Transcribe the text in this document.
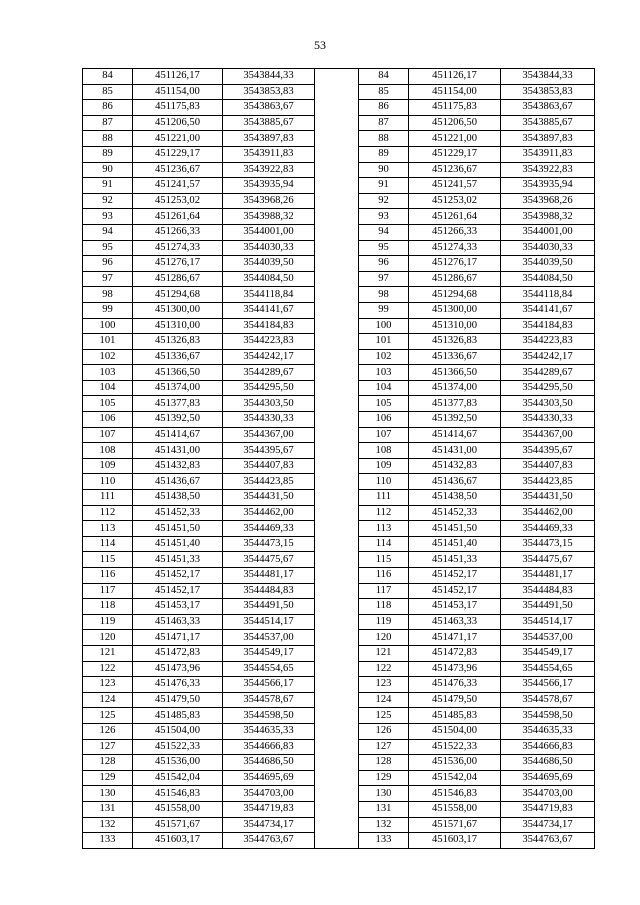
53
84	451126,17	3543844,33		84	451126,17	3543844,33
85	451154,00	3543853,83		85	451154,00	3543853,83
86	451175,83	3543863,67		86	451175,83	3543863,67
87	451206,50	3543885,67		87	451206,50	3543885,67
88	451221,00	3543897,83		88	451221,00	3543897,83
89	451229,17	3543911,83		89	451229,17	3543911,83
90	451236,67	3543922,83		90	451236,67	3543922,83
91	451241,57	3543935,94		91	451241,57	3543935,94
92	451253,02	3543968,26		92	451253,02	3543968,26
93	451261,64	3543988,32		93	451261,64	3543988,32
94	451266,33	3544001,00		94	451266,33	3544001,00
95	451274,33	3544030,33		95	451274,33	3544030,33
96	451276,17	3544039,50		96	451276,17	3544039,50
97	451286,67	3544084,50		97	451286,67	3544084,50
98	451294,68	3544118,84		98	451294,68	3544118,84
99	451300,00	3544141,67		99	451300,00	3544141,67
100	451310,00	3544184,83		100	451310,00	3544184,83
101	451326,83	3544223,83		101	451326,83	3544223,83
102	451336,67	3544242,17		102	451336,67	3544242,17
103	451366,50	3544289,67		103	451366,50	3544289,67
104	451374,00	3544295,50		104	451374,00	3544295,50
105	451377,83	3544303,50		105	451377,83	3544303,50
106	451392,50	3544330,33		106	451392,50	3544330,33
107	451414,67	3544367,00		107	451414,67	3544367,00
108	451431,00	3544395,67		108	451431,00	3544395,67
109	451432,83	3544407,83		109	451432,83	3544407,83
110	451436,67	3544423,85		110	451436,67	3544423,85
111	451438,50	3544431,50		111	451438,50	3544431,50
112	451452,33	3544462,00		112	451452,33	3544462,00
113	451451,50	3544469,33		113	451451,50	3544469,33
114	451451,40	3544473,15		114	451451,40	3544473,15
115	451451,33	3544475,67		115	451451,33	3544475,67
116	451452,17	3544481,17		116	451452,17	3544481,17
117	451452,17	3544484,83		117	451452,17	3544484,83
118	451453,17	3544491,50		118	451453,17	3544491,50
119	451463,33	3544514,17		119	451463,33	3544514,17
120	451471,17	3544537,00		120	451471,17	3544537,00
121	451472,83	3544549,17		121	451472,83	3544549,17
122	451473,96	3544554,65		122	451473,96	3544554,65
123	451476,33	3544566,17		123	451476,33	3544566,17
124	451479,50	3544578,67		124	451479,50	3544578,67
125	451485,83	3544598,50		125	451485,83	3544598,50
126	451504,00	3544635,33		126	451504,00	3544635,33
127	451522,33	3544666,83		127	451522,33	3544666,83
128	451536,00	3544686,50		128	451536,00	3544686,50
129	451542,04	3544695,69		129	451542,04	3544695,69
130	451546,83	3544703,00		130	451546,83	3544703,00
131	451558,00	3544719,83		131	451558,00	3544719,83
132	451571,67	3544734,17		132	451571,67	3544734,17
133	451603,17	3544763,67		133	451603,17	3544763,67
